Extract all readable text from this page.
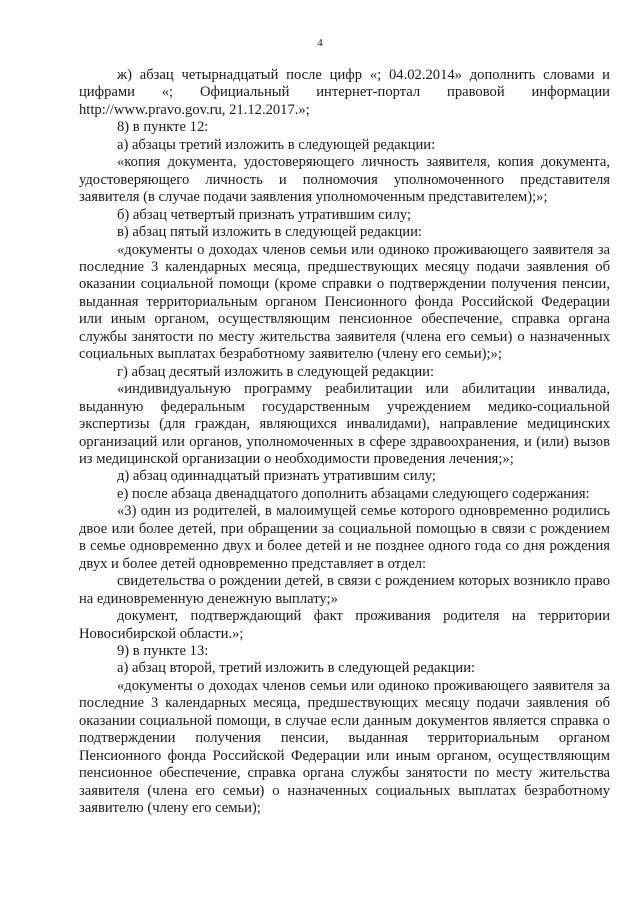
4

ж) абзац четырнадцатый после цифр «; 04.02.2014» дополнить словами и цифрами «; Официальный интернет-портал правовой информации http://www.pravo.gov.ru, 21.12.2017.»;

8) в пункте 12:

а) абзацы третий изложить в следующей редакции:

«копия документа, удостоверяющего личность заявителя, копия документа, удостоверяющего личность и полномочия уполномоченного представителя заявителя (в случае подачи заявления уполномоченным представителем);»;

б) абзац четвертый признать утратившим силу;

в) абзац пятый изложить в следующей редакции:

«документы о доходах членов семьи или одиноко проживающего заявителя за последние 3 календарных месяца, предшествующих месяцу подачи заявления об оказании социальной помощи (кроме справки о подтверждении получения пенсии, выданная территориальным органом Пенсионного фонда Российской Федерации или иным органом, осуществляющим пенсионное обеспечение, справка органа службы занятости по месту жительства заявителя (члена его семьи) о назначенных социальных выплатах безработному заявителю (члену его семьи);»;

г) абзац десятый изложить в следующей редакции:

«индивидуальную программу реабилитации или абилитации инвалида, выданную федеральным государственным учреждением медико-социальной экспертизы (для граждан, являющихся инвалидами), направление медицинских организаций или органов, уполномоченных в сфере здравоохранения, и (или) вызов из медицинской организации о необходимости проведения лечения;»;

д) абзац одиннадцатый признать утратившим силу;

е) после абзаца двенадцатого дополнить абзацами следующего содержания:

«3) один из родителей, в малоимущей семье которого одновременно родились двое или более детей, при обращении за социальной помощью в связи с рождением в семье одновременно двух и более детей и не позднее одного года со дня рождения двух и более детей одновременно представляет в отдел:

свидетельства о рождении детей, в связи с рождением которых возникло право на единовременную денежную выплату;»

документ, подтверждающий факт проживания родителя на территории Новосибирской области.»;

9) в пункте 13:

а) абзац второй, третий изложить в следующей редакции:

«документы о доходах членов семьи или одиноко проживающего заявителя за последние 3 календарных месяца, предшествующих месяцу подачи заявления об оказании социальной помощи, в случае если данным документов является справка о подтверждении получения пенсии, выданная территориальным органом Пенсионного фонда Российской Федерации или иным органом, осуществляющим пенсионное обеспечение, справка органа службы занятости по месту жительства заявителя (члена его семьи) о назначенных социальных выплатах безработному заявителю (члену его семьи);
